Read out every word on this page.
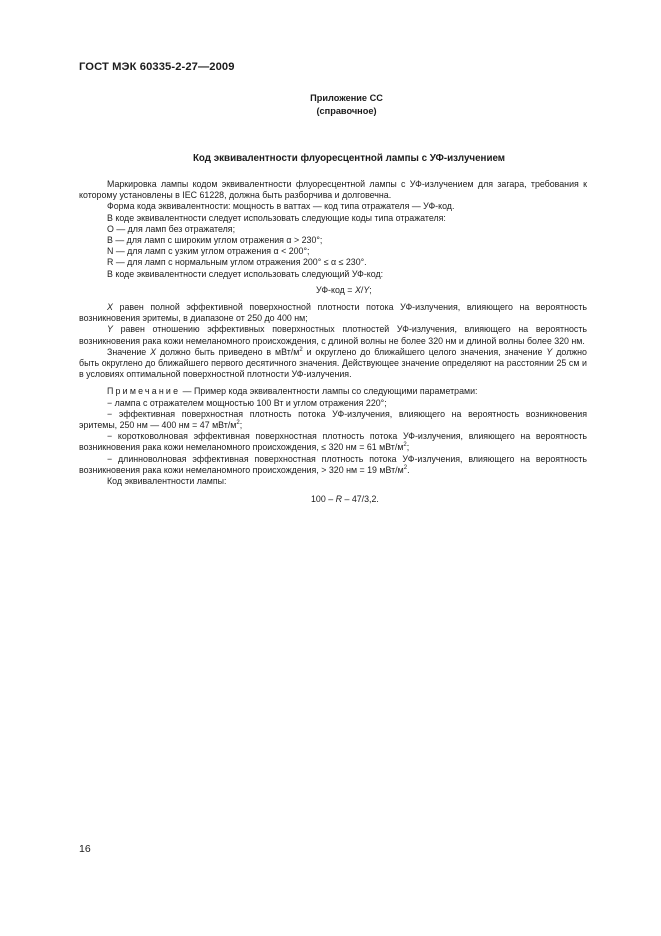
ГОСТ МЭК 60335-2-27—2009
Приложение СС
(справочное)
Код эквивалентности флуоресцентной лампы с УФ-излучением

Маркировка лампы кодом эквивалентности флуоресцентной лампы с УФ-излучением для загара, требования к которому установлены в IEC 61228, должна быть разборчива и долговечна.

Форма кода эквивалентности: мощность в ваттах — код типа отражателя — УФ-код.

В коде эквивалентности следует использовать следующие коды типа отражателя:

О — для ламп без отражателя;

В — для ламп с широким углом отражения α > 230°;

N — для ламп с узким углом отражения α < 200°;

R — для ламп с нормальным углом отражения 200° ≤ α ≤ 230°.

В коде эквивалентности следует использовать следующий УФ-код:

УФ-код = X/Y;

X равен полной эффективной поверхностной плотности потока УФ-излучения, влияющего на вероятность возникновения эритемы, в диапазоне от 250 до 400 нм;

Y равен отношению эффективных поверхностных плотностей УФ-излучения, влияющего на вероятность возникновения рака кожи немеланомного происхождения, с длиной волны не более 320 нм и длиной волны более 320 нм.

Значение X должно быть приведено в мВт/$м^2$ и округлено до ближайшего целого значения, значение Y должно быть округлено до ближайшего первого десятичного значения. Действующее значение определяют на расстоянии 25 см и в условиях оптимальной поверхностной плотности УФ-излучения.

Примечание — Пример кода эквивалентности лампы со следующими параметрами:

− лампа с отражателем мощностью 100 Вт и углом отражения 220°;

− эффективная поверхностная плотность потока УФ-излучения, влияющего на вероятность возникновения эритемы, 250 нм — 400 нм = 47 мВт/$м^2$;

− коротковолновая эффективная поверхностная плотность потока УФ-излучения, влияющего на вероятность возникновения рака кожи немеланомного происхождения, ≤ 320 нм = 61 мВт/$м^2$;

− длинноволновая эффективная поверхностная плотность потока УФ-излучения, влияющего на вероятность возникновения рака кожи немеланомного происхождения, > 320 нм = 19 мВт/$м^2$.

Код эквивалентности лампы:

100 – R – 47/3,2.

16
